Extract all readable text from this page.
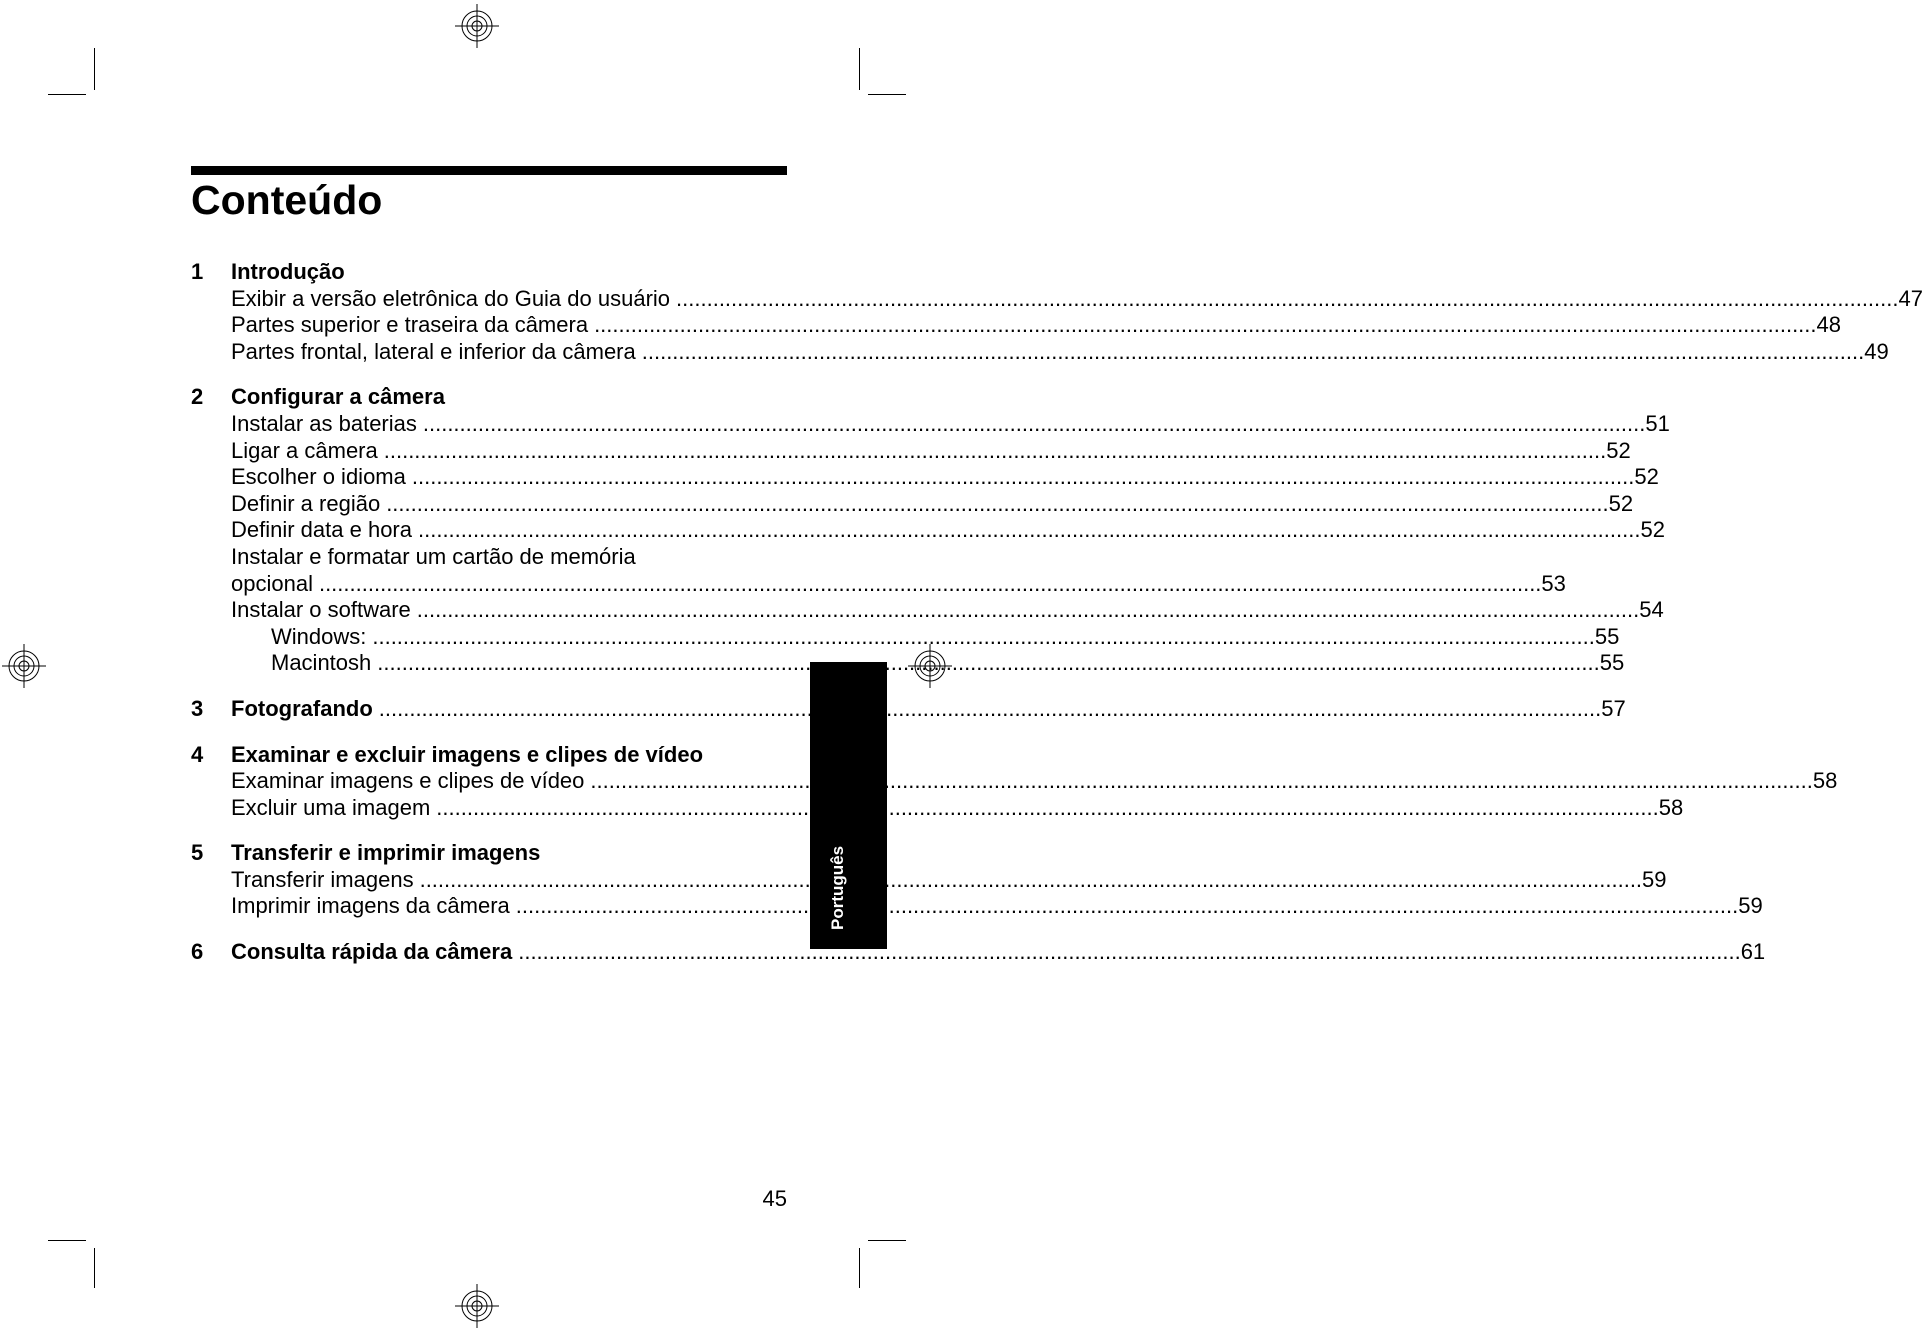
Conteúdo
1	Introdução
Exibir a versão eletrônica do Guia do usuário .....	47
Partes superior e traseira da câmera .....	48
Partes frontal, lateral e inferior da câmera .....	49
2	Configurar a câmera
Instalar as baterias .....	51
Ligar a câmera .....	52
Escolher o idioma .....	52
Definir a região .....	52
Definir data e hora .....	52
Instalar e formatar um cartão de memória
opcional .....	53
Instalar o software .....	54
Windows: .....	55
Macintosh .....	55
3	Fotografando .....	57
4	Examinar e excluir imagens e clipes de vídeo
Examinar imagens e clipes de vídeo .....	58
Excluir uma imagem .....	58
5	Transferir e imprimir imagens
Transferir imagens .....	59
Imprimir imagens da câmera .....	59
6	Consulta rápida da câmera .....	61
Português
45
